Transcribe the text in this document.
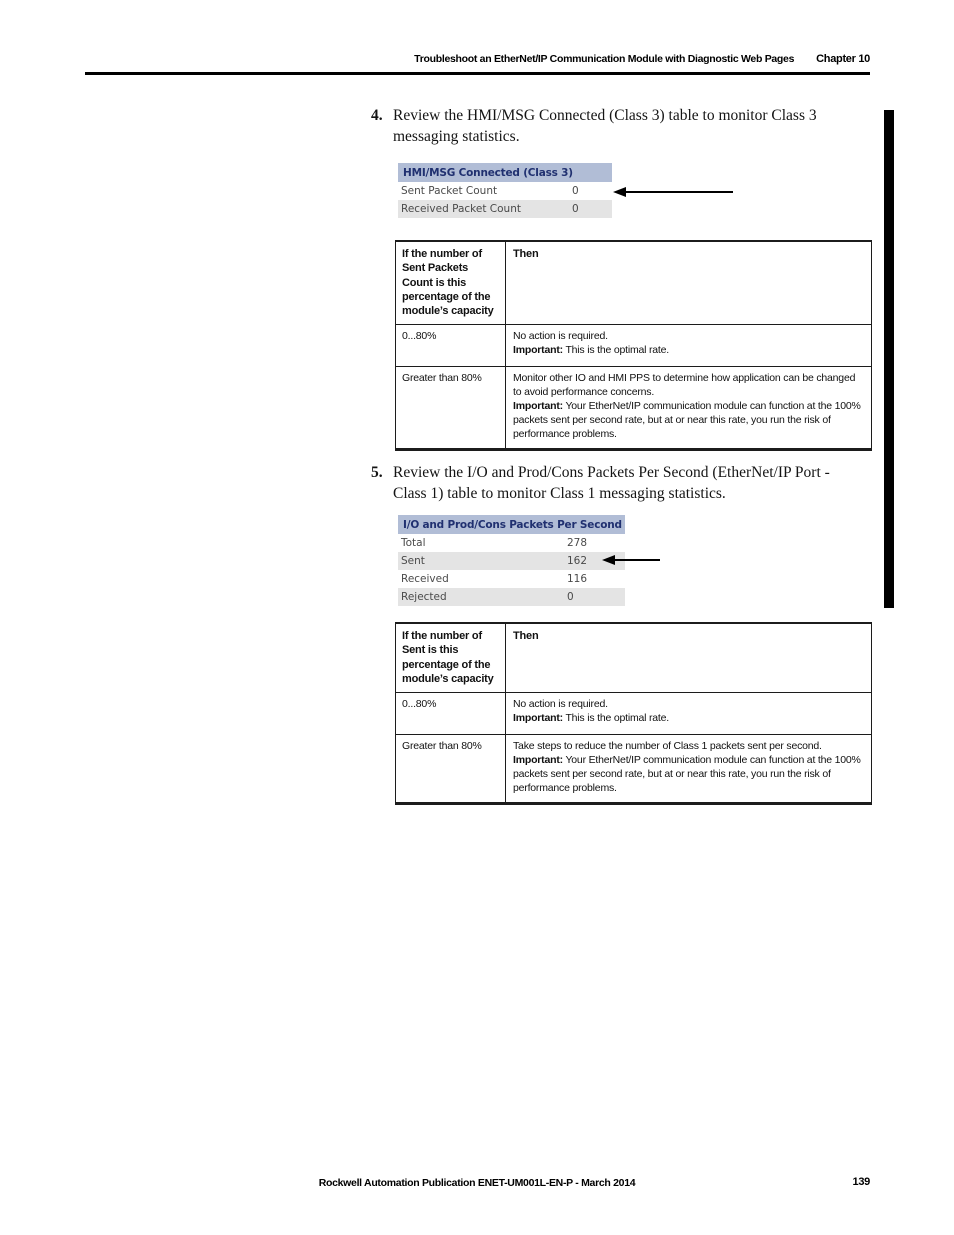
Troubleshoot an EtherNet/IP Communication Module with Diagnostic Web Pages Chapter 10
4. Review the HMI/MSG Connected (Class 3) table to monitor Class 3 messaging statistics.
HMI/MSG Connected (Class 3)
Sent Packet Count	0
Received Packet Count	0
If the number of Sent Packets Count is this percentage of the module’s capacity
Then
0...80%	No action is required.
Important: This is the optimal rate.
Greater than 80%	Monitor other IO and HMI PPS to determine how application can be changed to avoid performance concerns.
Important: Your EtherNet/IP communication module can function at the 100% packets sent per second rate, but at or near this rate, you run the risk of performance problems.
5. Review the I/O and Prod/Cons Packets Per Second (EtherNet/IP Port - Class 1) table to monitor Class 1 messaging statistics.
I/O and Prod/Cons Packets Per Second
Total	278
Sent	162
Received	116
Rejected	0
If the number of Sent is this percentage of the module’s capacity
Then
0...80%	No action is required.
Important: This is the optimal rate.
Greater than 80%	Take steps to reduce the number of Class 1 packets sent per second.
Important: Your EtherNet/IP communication module can function at the 100% packets sent per second rate, but at or near this rate, you run the risk of performance problems.
Rockwell Automation Publication ENET-UM001L-EN-P - March 2014	139
